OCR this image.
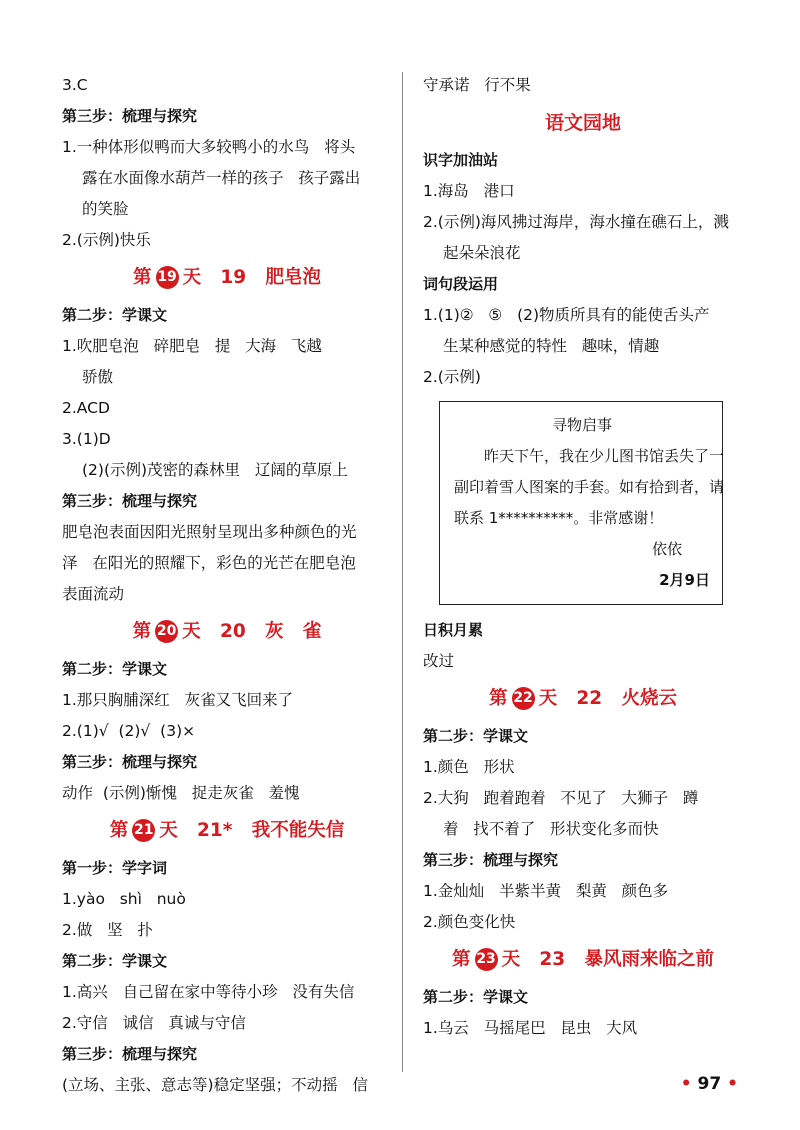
3.C
第三步：梳理与探究
1.一种体形似鸭而大多较鸭小的水鸟   将头
露在水面像水葫芦一样的孩子   孩子露出
的笑脸
2.(示例)快乐
第 19 天   19   肥皂泡
第二步：学课文
1.吹肥皂泡   碎肥皂   提   大海   飞越
骄傲
2.ACD
3.(1)D
(2)(示例)茂密的森林里   辽阔的草原上
第三步：梳理与探究
肥皂泡表面因阳光照射呈现出多种颜色的光
泽   在阳光的照耀下，彩色的光芒在肥皂泡
表面流动
第 20 天   20   灰   雀
第二步：学课文
1.那只胸脯深红   灰雀又飞回来了
2.(1)√  (2)√  (3)×
第三步：梳理与探究
动作  (示例)惭愧   捉走灰雀   羞愧
第 21 天   21*   我不能失信
第一步：学字词
1.yào   shì   nuò
2.做   坚   扑
第二步：学课文
1.高兴   自己留在家中等待小珍   没有失信
2.守信   诚信   真诚与守信
第三步：梳理与探究
(立场、主张、意志等)稳定坚强；不动摇   信
守承诺   行不果
语文园地
识字加油站
1.海岛   港口
2.(示例)海风拂过海岸，海水撞在礁石上，溅
起朵朵浪花
词句段运用
1.(1)②   ⑤   (2)物质所具有的能使舌头产
生某种感觉的特性   趣味，情趣
2.(示例)
寻物启事
昨天下午，我在少儿图书馆丢失了一
副印着雪人图案的手套。如有拾到者，请
联系 1**********。非常感谢！
依依
2月9日
日积月累
改过
第 22 天   22   火烧云
第二步：学课文
1.颜色   形状
2.大狗   跑着跑着   不见了   大狮子   蹲
着   找不着了   形状变化多而快
第三步：梳理与探究
1.金灿灿   半紫半黄   梨黄   颜色多
2.颜色变化快
第 23 天   23   暴风雨来临之前
第二步：学课文
1.乌云   马摇尾巴   昆虫   大风
• 97 •
